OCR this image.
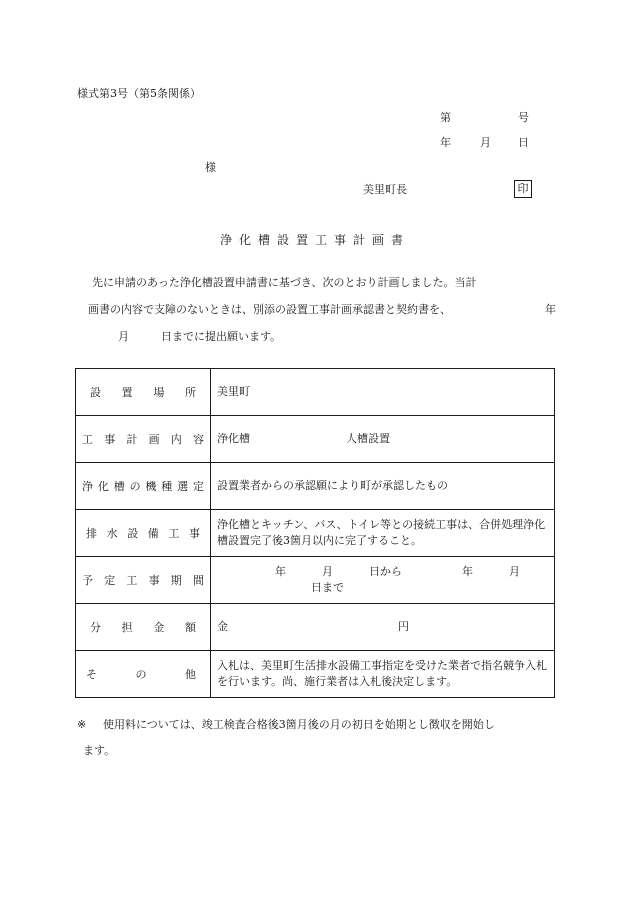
様式第3号（第5条関係）
第	号
年	月 日
様
美里町長	印
浄化槽設置工事計画書
先に申請のあった浄化槽設置申請書に基づき、次のとおり計画しました。当計
画書の内容で支障のないときは、別添の設置工事計画承認書と契約書を、	年
月	日までに提出願います。
設置場所	美里町
工事計画内容	浄化槽 人槽設置
浄化槽の機種選定	設置業者からの承認願により町が承認したもの
排水設備工事	浄化槽とキッチン、バス、トイレ等との接続工事は、合併処理浄化槽設置完了後3箇月以内に完了すること。
予定工事期間	年 月 日から 年 月日まで
分担金額	金 円
その他	入札は、美里町生活排水設備工事指定を受けた業者で指名競争入札を行います。尚、施行業者は入札後決定します。
※	使用料については、竣工検査合格後3箇月後の月の初日を始期とし徴収を開始し
ます。
